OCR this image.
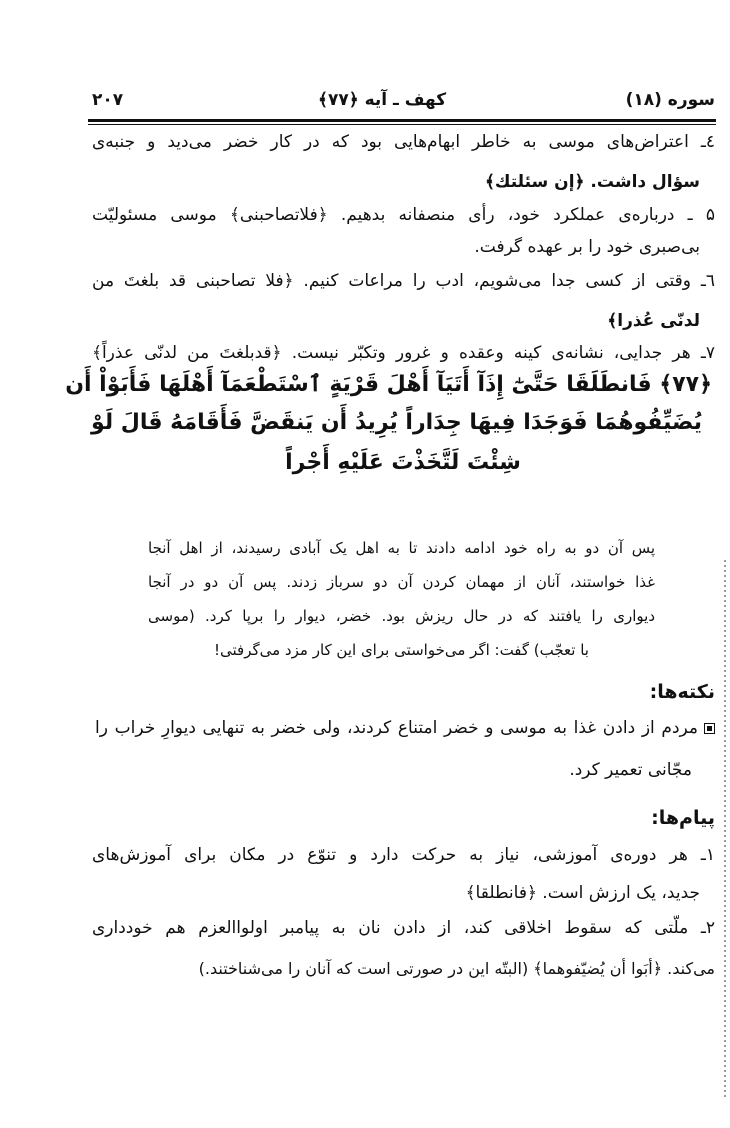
سوره (۱۸)
کهف ـ آیه ﴿۷۷﴾
۲۰۷
٤ـ اعتراض‌های موسی به خاطر ابهام‌هایی بود که در کار خضر می‌دید و جنبه‌ی
سؤال داشت. ﴿إن سئلتك﴾
۵ ـ درباره‌ی عملکرد خود، رأی منصفانه بدهیم. ﴿فلاتصاحبنی﴾ موسی مسئولیّت
بی‌صبری خود را بر عهده گرفت.
٦ـ وقتی از کسی جدا می‌شویم، ادب را مراعات کنیم. ﴿فلا تصاحبنی قد بلغتَ من
لدنّی عُذرا﴾
٧ـ هر جدایی، نشانه‌ی کینه وعقده و غرور وتکبّر نیست. ﴿قدبلغتَ من لدنّی عذراً﴾
﴿۷۷﴾ فَانطَلَقَا حَتَّىٰٓ إِذَآ أَتَيَآ أَهْلَ قَرْيَةٍ ٱسْتَطْعَمَآ أَهْلَهَا فَأَبَوْاْ أَن
يُضَيِّفُوهُمَا فَوَجَدَا فِيهَا جِدَاراً يُرِيدُ أَن يَنقَضَّ فَأَقَامَهُ قَالَ لَوْ
شِئْتَ لَتَّخَذْتَ عَلَيْهِ أَجْراً
پس آن دو به راه خود ادامه دادند تا به اهل یک آبادی رسیدند، از اهل آنجا
غذا خواستند، آنان از مهمان کردن آن دو سرباز زدند. پس آن دو در آنجا
دیواری را یافتند که در حال ریزش بود. خضر، دیوار را برپا کرد. (موسی
با تعجّب) گفت: اگر می‌خواستی برای این کار مزد می‌گرفتی!
نکته‌ها:
مردم از دادن غذا به موسی و خضر امتناع کردند، ولی خضر به تنهایی دیوارِ خراب را
مجّانی تعمیر کرد.
پیام‌ها:
۱ـ هر دوره‌ی آموزشی، نیاز به حرکت دارد و تنوّع در مکان برای آموزش‌های
جدید، یک ارزش است. ﴿فانطلقا﴾
۲ـ ملّتی که سقوط اخلاقی کند، از دادن نان به پیامبر اولواالعزم هم خودداری
می‌کند. ﴿أبَوا أن یُضیّفوهما﴾ (البتّه این در صورتی است که آنان را می‌شناختند.)
